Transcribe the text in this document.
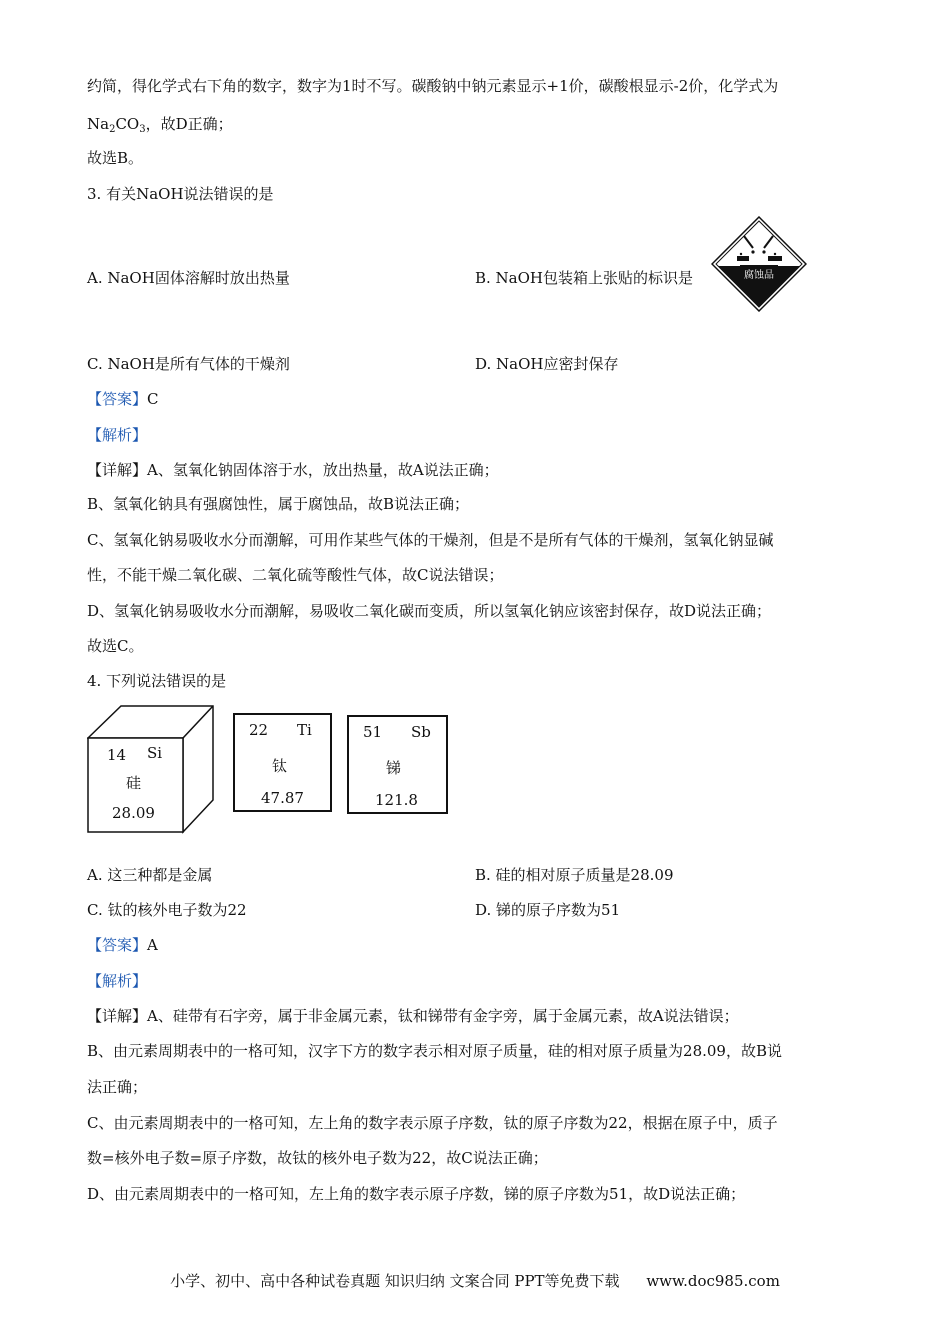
约简，得化学式右下角的数字，数字为1时不写。碳酸钠中钠元素显示+1价，碳酸根显示-2价，化学式为
$Na_2CO_3$，故D正确；
故选B。
3. 有关NaOH说法错误的是
A. NaOH固体溶解时放出热量	B. NaOH包装箱上张贴的标识是	腐蚀品
C. NaOH是所有气体的干燥剂	D. NaOH应密封保存
【答案】C
【解析】
【详解】A、氢氧化钠固体溶于水，放出热量，故A说法正确；
B、氢氧化钠具有强腐蚀性，属于腐蚀品，故B说法正确；
C、氢氧化钠易吸收水分而潮解，可用作某些气体的干燥剂，但是不是所有气体的干燥剂，氢氧化钠显碱
性，不能干燥二氧化碳、二氧化硫等酸性气体，故C说法错误；
D、氢氧化钠易吸收水分而潮解，易吸收二氧化碳而变质，所以氢氧化钠应该密封保存，故D说法正确；
故选C。
4. 下列说法错误的是
14 Si
硅
28.09
22 Ti
钛
47.87
51 Sb
锑
121.8
A. 这三种都是金属	B. 硅的相对原子质量是28.09
C. 钛的核外电子数为22	D. 锑的原子序数为51
【答案】A
【解析】
【详解】A、硅带有石字旁，属于非金属元素，钛和锑带有金字旁，属于金属元素，故A说法错误；
B、由元素周期表中的一格可知，汉字下方的数字表示相对原子质量，硅的相对原子质量为28.09，故B说
法正确；
C、由元素周期表中的一格可知，左上角的数字表示原子序数，钛的原子序数为22，根据在原子中，质子
数=核外电子数=原子序数，故钛的核外电子数为22，故C说法正确；
D、由元素周期表中的一格可知，左上角的数字表示原子序数，锑的原子序数为51，故D说法正确；
小学、初中、高中各种试卷真题 知识归纳 文案合同 PPT等免费下载 www.doc985.com
